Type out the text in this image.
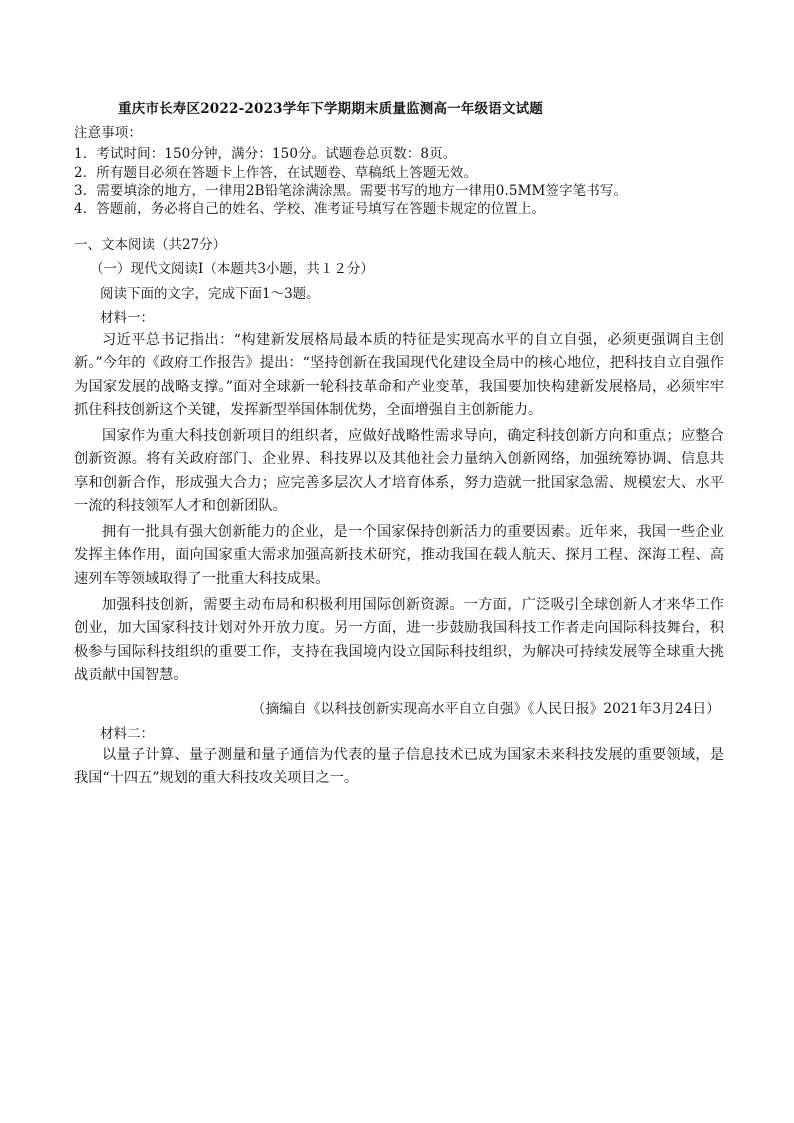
重庆市长寿区2022-2023学年下学期期末质量监测高一年级语文试题
注意事项：
1．考试时间：150分钟，满分：150分。试题卷总页数：8页。
2．所有题目必须在答题卡上作答，在试题卷、草稿纸上答题无效。
3．需要填涂的地方，一律用2B铅笔涂满涂黑。需要书写的地方一律用0.5MM签字笔书写。
4．答题前，务必将自己的姓名、学校、准考证号填写在答题卡规定的位置上。
一、文本阅读（共27分）
（一）现代文阅读Ⅰ（本题共3小题，共１２分）
阅读下面的文字，完成下面1～3题。
材料一：

习近平总书记指出：“构建新发展格局最本质的特征是实现高水平的自立自强，必须更强调自主创新。”今年的《政府工作报告》提出：“坚持创新在我国现代化建设全局中的核心地位，把科技自立自强作为国家发展的战略支撑。”面对全球新一轮科技革命和产业变革，我国要加快构建新发展格局，必须牢牢抓住科技创新这个关键，发挥新型举国体制优势，全面增强自主创新能力。

国家作为重大科技创新项目的组织者，应做好战略性需求导向，确定科技创新方向和重点；应整合创新资源。将有关政府部门、企业界、科技界以及其他社会力量纳入创新网络，加强统筹协调、信息共享和创新合作，形成强大合力；应完善多层次人才培育体系，努力造就一批国家急需、规模宏大、水平一流的科技领军人才和创新团队。

拥有一批具有强大创新能力的企业，是一个国家保持创新活力的重要因素。近年来，我国一些企业发挥主体作用，面向国家重大需求加强高新技术研究，推动我国在载人航天、探月工程、深海工程、高速列车等领域取得了一批重大科技成果。

加强科技创新，需要主动布局和积极利用国际创新资源。一方面，广泛吸引全球创新人才来华工作创业，加大国家科技计划对外开放力度。另一方面，进一步鼓励我国科技工作者走向国际科技舞台，积极参与国际科技组织的重要工作，支持在我国境内设立国际科技组织，为解决可持续发展等全球重大挑战贡献中国智慧。

（摘编自《以科技创新实现高水平自立自强》《人民日报》2021年3月24日）
材料二：

以量子计算、量子测量和量子通信为代表的量子信息技术已成为国家未来科技发展的重要领域，是我国“十四五”规划的重大科技攻关项目之一。
